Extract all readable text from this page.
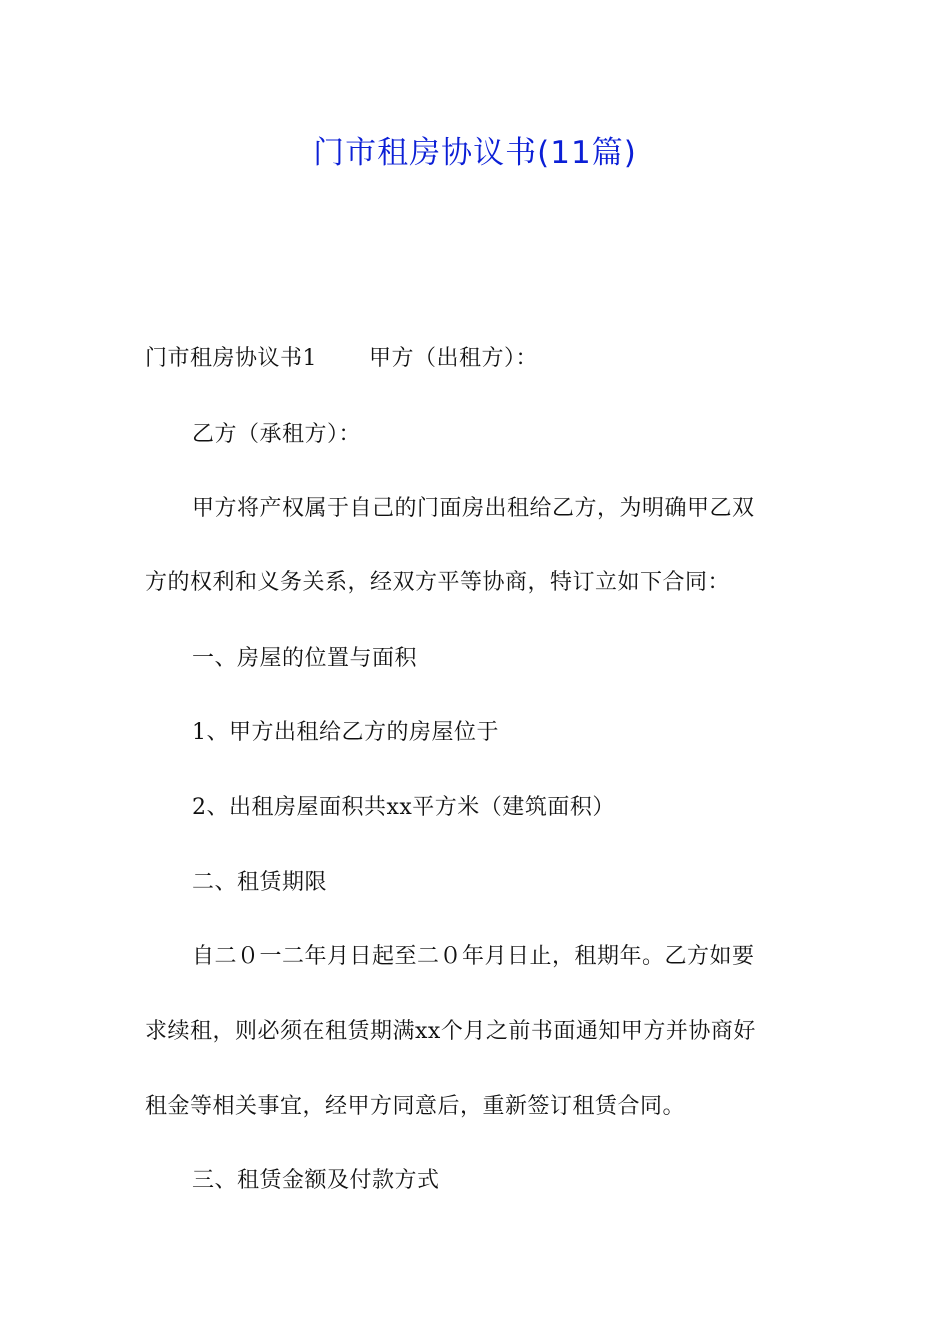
门市租房协议书(11篇)
门市租房协议书1 甲方（出租方）：
乙方（承租方）：
甲方将产权属于自己的门面房出租给乙方，为明确甲乙双
方的权利和义务关系，经双方平等协商，特订立如下合同：
一、房屋的位置与面积
1、甲方出租给乙方的房屋位于
2、出租房屋面积共xx平方米（建筑面积）
二、租赁期限
自二０一二年月日起至二０年月日止，租期年。乙方如要
求续租，则必须在租赁期满xx个月之前书面通知甲方并协商好
租金等相关事宜，经甲方同意后，重新签订租赁合同。
三、租赁金额及付款方式
